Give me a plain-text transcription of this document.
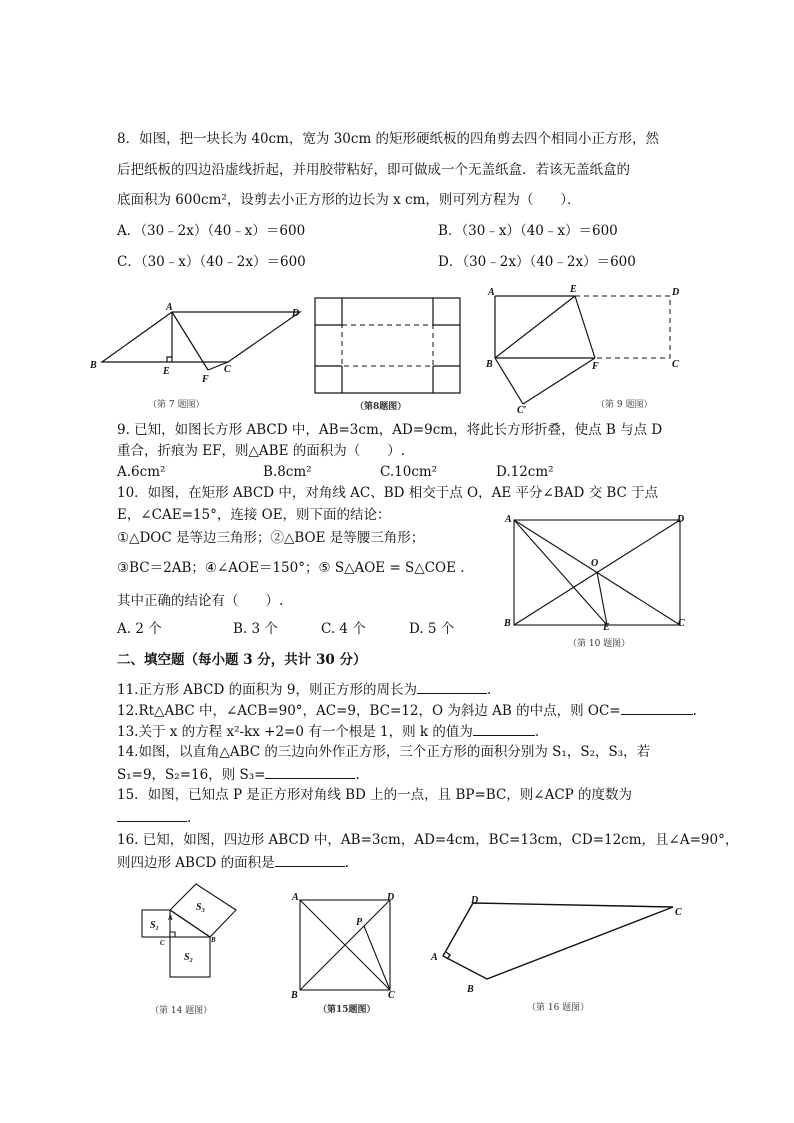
8．如图，把一块长为 40cm，宽为 30cm 的矩形硬纸板的四角剪去四个相同小正方形，然
后把纸板的四边沿虚线折起，并用胶带粘好，即可做成一个无盖纸盒．若该无盖纸盒的
底面积为 600cm²，设剪去小正方形的边长为 x cm，则可列方程为（　　）．
A．（30﹣2x）（40﹣x）＝600	B．（30﹣x）（40﹣x）＝600
C．（30﹣x）（40﹣2x）＝600	D．（30﹣2x）（40﹣2x）＝600
A
B
D
E
F
C
（第 7 题图）	（第8题图）
A	E	D
B	F	C
C′	（第 9 题图）
9. 已知，如图长方形 ABCD 中，AB=3cm，AD=9cm，将此长方形折叠，使点 B 与点 D
重合，折痕为 EF，则△ABE 的面积为（　　）.
A.6cm²	B.8cm²	C.10cm²	D.12cm²
10．如图，在矩形 ABCD 中，对角线 AC、BD 相交于点 O，AE 平分∠BAD 交 BC 于点
E，∠CAE=15°，连接 OE，则下面的结论：
①△DOC 是等边三角形；②△BOE 是等腰三角形；
③BC＝2AB；④∠AOE＝150°；⑤ S△AOE = S△COE .
其中正确的结论有（　　）.
A. 2 个	B. 3 个	C. 4 个	D. 5 个
A	D
O
B	E	C
（第 10 题图）
二、填空题（每小题 3 分，共计 30 分）
11.正方形 ABCD 的面积为 9，则正方形的周长为	.
12.Rt△ABC 中，∠ACB=90°，AC=9，BC=12，O 为斜边 AB 的中点，则 OC=	.
13.关于 x 的方程 x²-kx +2=0 有一个根是 1，则 k 的值为	.
14.如图，以直角△ABC 的三边向外作正方形，三个正方形的面积分别为 S₁，S₂，S₃，若
S₁=9，S₂=16，则 S₃=	.
15．如图，已知点 P 是正方形对角线 BD 上的一点，且 BP=BC，则∠ACP 的度数为
.
16. 已知，如图，四边形 ABCD 中，AB=3cm，AD=4cm，BC=13cm，CD=12cm，且∠A=90°，
则四边形 ABCD 的面积是	.
S₁
S₂
S₃
A
B
C
（第 14 题图）
A	D
P
B	C
（第15题图）
D
C
A
B
（第 16 题图）
